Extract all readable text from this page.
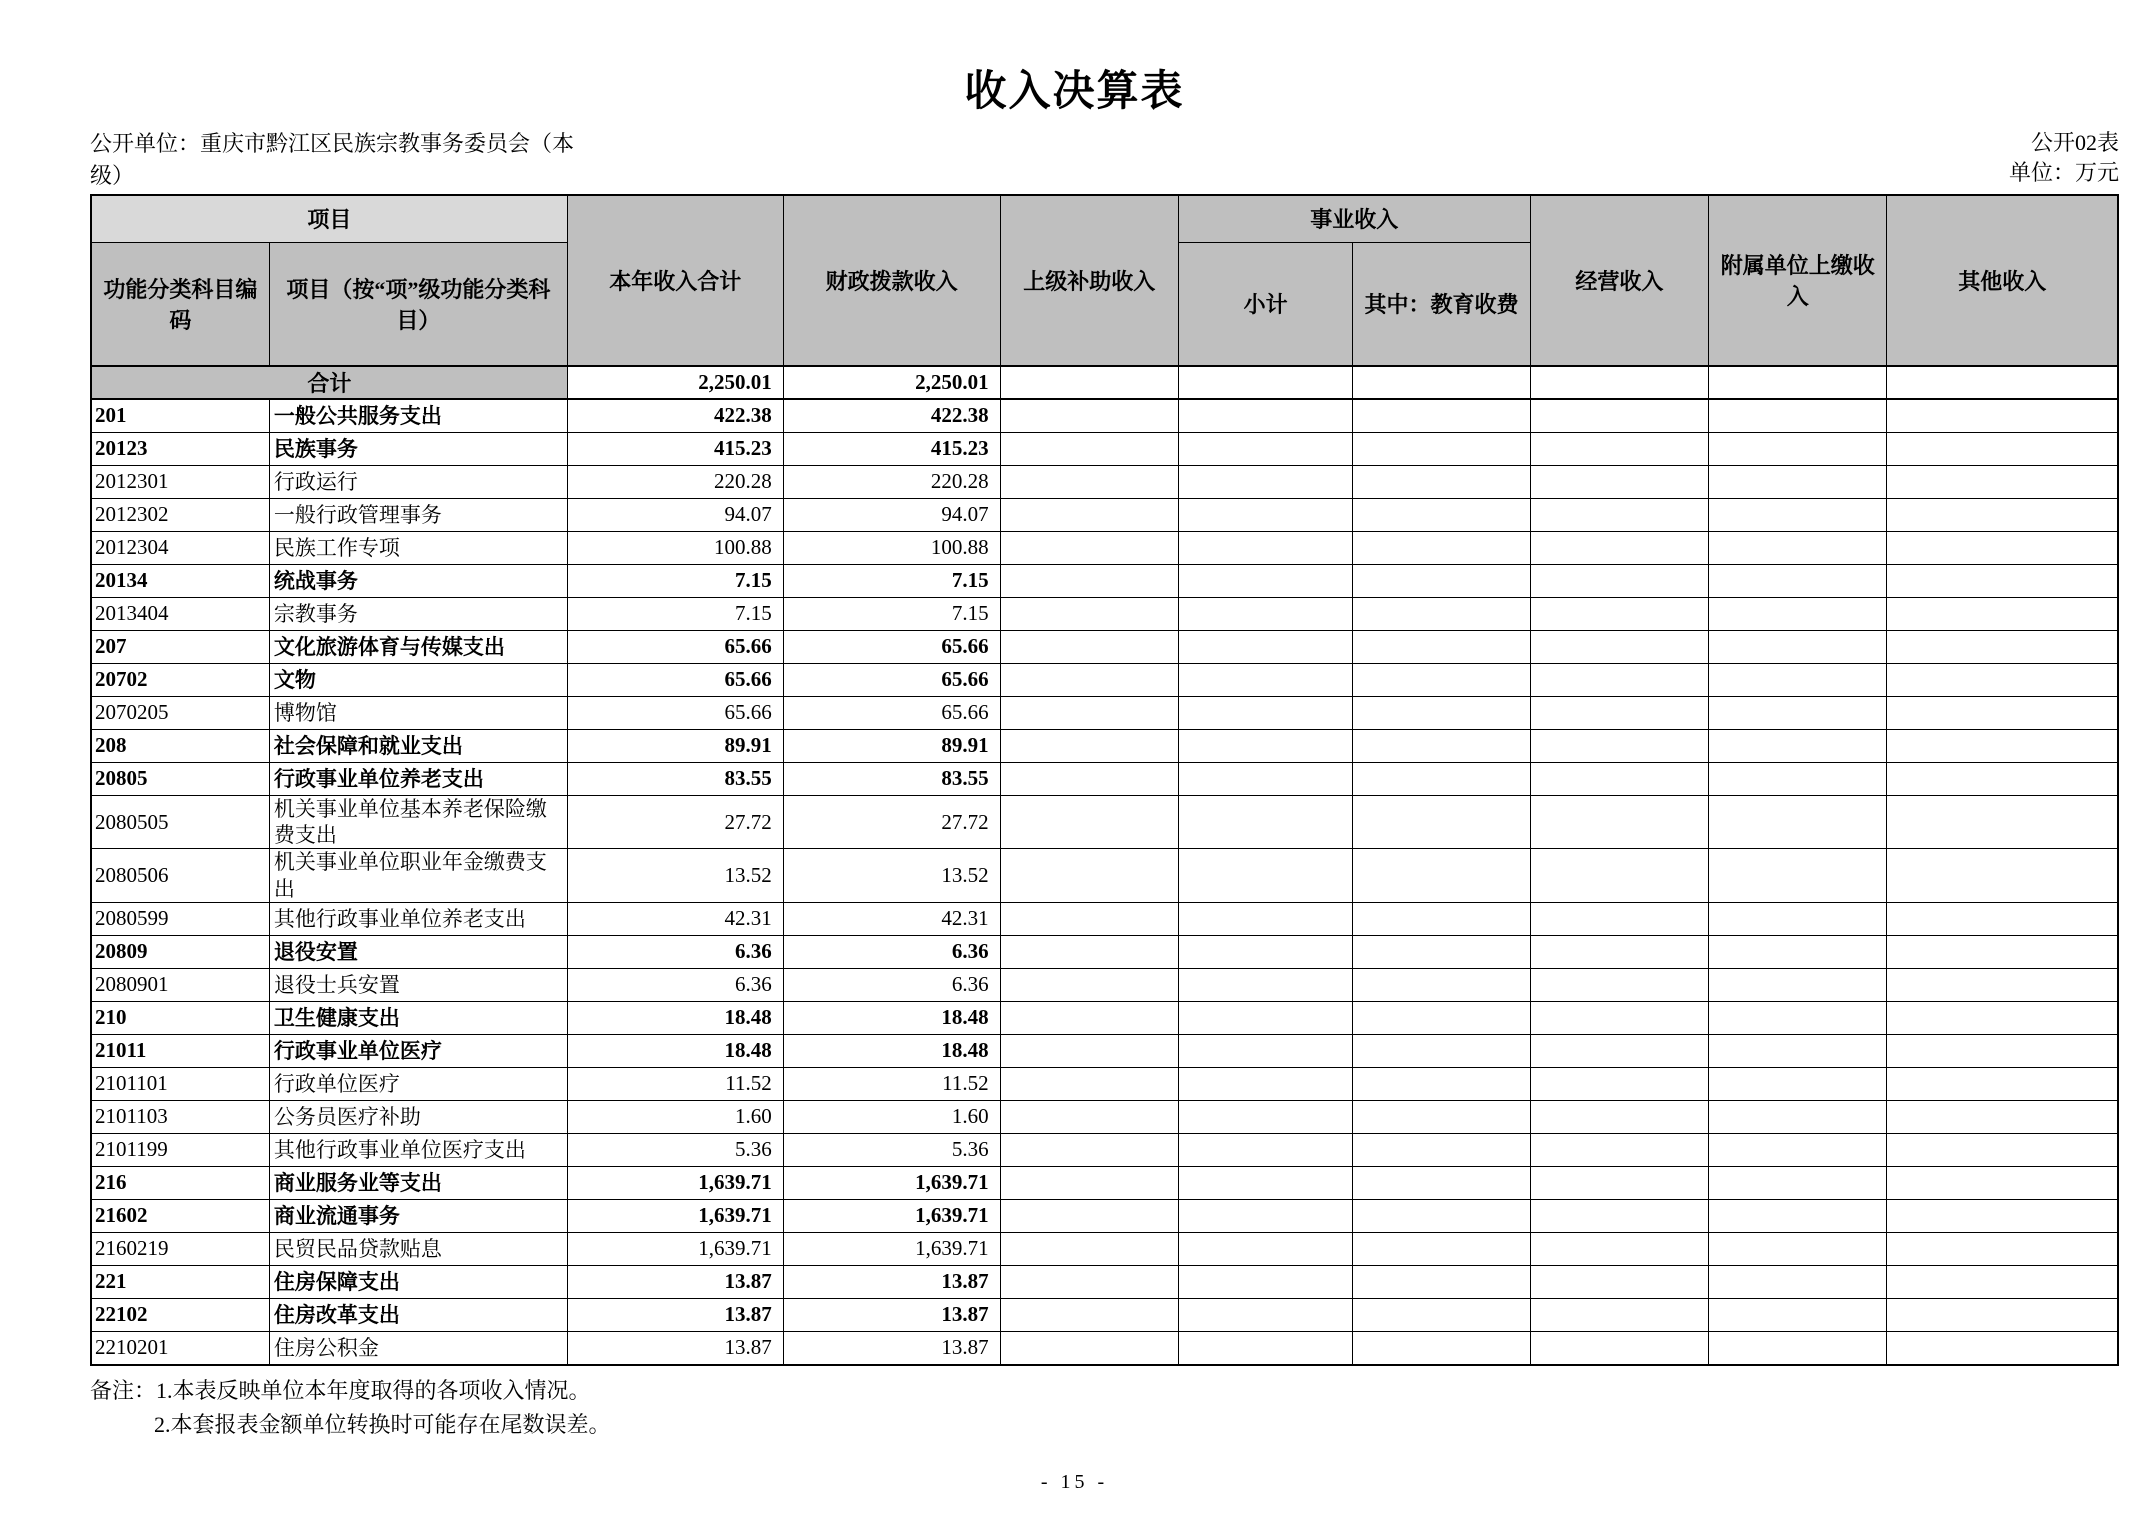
收入决算表
公开单位：重庆市黔江区民族宗教事务委员会（本级）
公开02表
单位：万元
项目		本年收入合计	财政拨款收入	上级补助收入	事业收入		经营收入	附属单位上缴收入	其他收入
功能分类科目编码	项目（按“项”级功能分类科目）				小计	其中：教育收费			
合计		2,250.01	2,250.01						
201	一般公共服务支出	422.38	422.38						
20123	民族事务	415.23	415.23						
2012301	行政运行	220.28	220.28						
2012302	一般行政管理事务	94.07	94.07						
2012304	民族工作专项	100.88	100.88						
20134	统战事务	7.15	7.15						
2013404	宗教事务	7.15	7.15						
207	文化旅游体育与传媒支出	65.66	65.66						
20702	文物	65.66	65.66						
2070205	博物馆	65.66	65.66						
208	社会保障和就业支出	89.91	89.91						
20805	行政事业单位养老支出	83.55	83.55						
2080505	机关事业单位基本养老保险缴费支出	27.72	27.72						
2080506	机关事业单位职业年金缴费支出	13.52	13.52						
2080599	其他行政事业单位养老支出	42.31	42.31						
20809	退役安置	6.36	6.36						
2080901	退役士兵安置	6.36	6.36						
210	卫生健康支出	18.48	18.48						
21011	行政事业单位医疗	18.48	18.48						
2101101	行政单位医疗	11.52	11.52						
2101103	公务员医疗补助	1.60	1.60						
2101199	其他行政事业单位医疗支出	5.36	5.36						
216	商业服务业等支出	1,639.71	1,639.71						
21602	商业流通事务	1,639.71	1,639.71						
2160219	民贸民品贷款贴息	1,639.71	1,639.71						
221	住房保障支出	13.87	13.87						
22102	住房改革支出	13.87	13.87						
2210201	住房公积金	13.87	13.87						
备注：1.本表反映单位本年度取得的各项收入情况。
2.本套报表金额单位转换时可能存在尾数误差。
- 15 -
